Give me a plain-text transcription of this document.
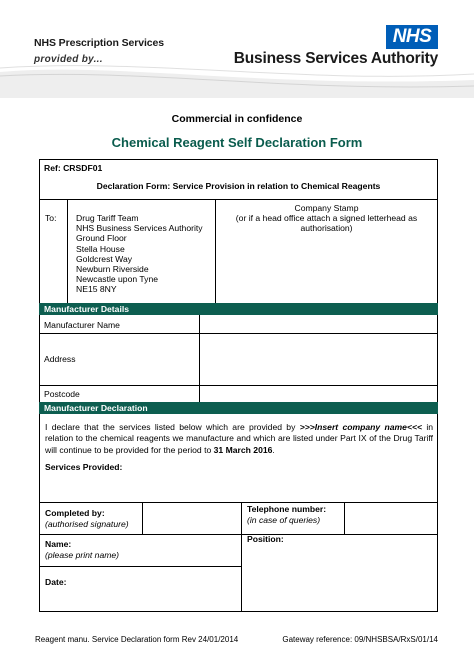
NHS Prescription Services
provided by...
NHS
Business Services Authority
Commercial in confidence
Chemical Reagent Self Declaration Form
Ref: CRSDF01
Declaration Form: Service Provision in relation to Chemical Reagents
To: Drug Tariff Team
NHS Business Services Authority
Ground Floor
Stella House
Goldcrest Way
Newburn Riverside
Newcastle upon Tyne
NE15 8NY
Company Stamp
(or if a head office attach a signed letterhead as authorisation)
Manufacturer Details
Manufacturer Name
Address
Postcode
Manufacturer Declaration
I declare that the services listed below which are provided by >>>Insert company name<<< in relation to the chemical reagents we manufacture and which are listed under Part IX of the Drug Tariff will continue to be provided for the period to 31 March 2016.
Services Provided:
Completed by:
(authorised signature)
Telephone number:
(in case of queries)
Name:
(please print name)
Position:
Date:
Reagent manu. Service Declaration form Rev 24/01/2014	Gateway reference: 09/NHSBSA/RxS/01/14
